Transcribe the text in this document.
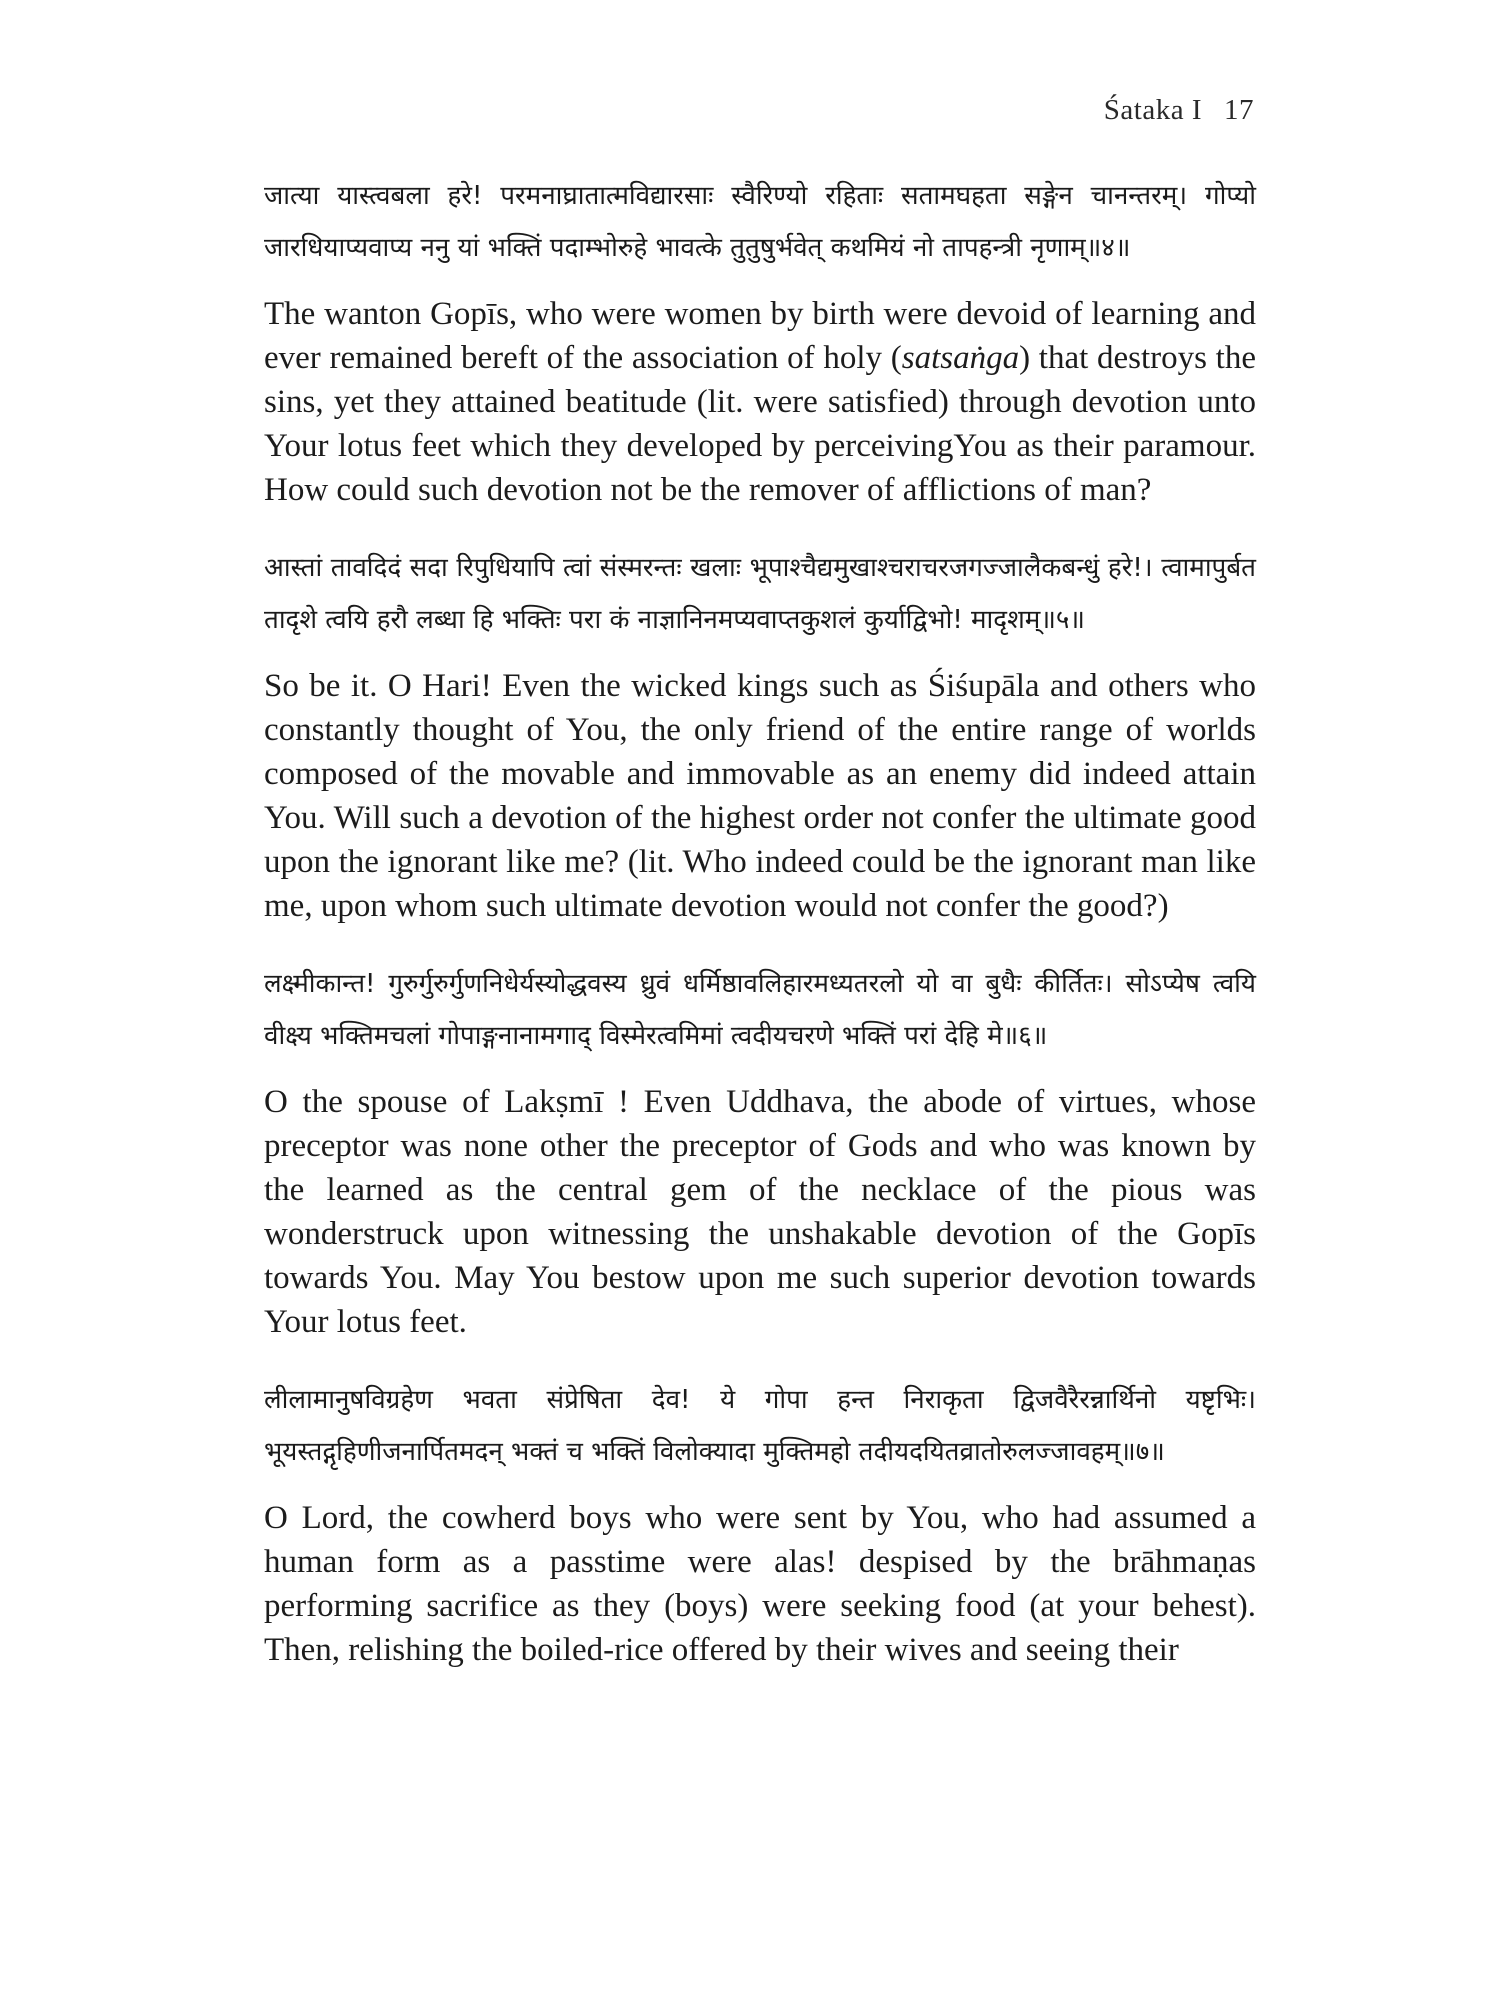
Śataka I 17

जात्या यास्त्वबला हरे! परमनाघ्रातात्मविद्यारसाः स्वैरिण्यो रहिताः सतामघहता सङ्गेन चानन्तरम्। गोप्यो जारधियाप्यवाप्य ननु यां भक्तिं पदाम्भोरुहे भावत्के तुतुषुर्भवेत् कथमियं नो तापहन्त्री नृणाम्॥४॥

The wanton Gopīs, who were women by birth were devoid of learning and ever remained bereft of the association of holy (satsaṅga) that destroys the sins, yet they attained beatitude (lit. were satisfied) through devotion unto Your lotus feet which they developed by perceivingYou as their paramour. How could such devotion not be the remover of afflictions of man?

आस्तां तावदिदं सदा रिपुधियापि त्वां संस्मरन्तः खलाः भूपाश्चैद्यमुखाश्चराचरजगज्जालैकबन्धुं हरे!। त्वामापुर्बत तादृशे त्वयि हरौ लब्धा हि भक्तिः परा कं नाज्ञानिनमप्यवाप्तकुशलं कुर्याद्विभो! मादृशम्॥५॥

So be it. O Hari! Even the wicked kings such as Śiśupāla and others who constantly thought of You, the only friend of the entire range of worlds composed of the movable and immovable as an enemy did indeed attain You. Will such a devotion of the highest order not confer the ultimate good upon the ignorant like me? (lit. Who indeed could be the ignorant man like me, upon whom such ultimate devotion would not confer the good?)

लक्ष्मीकान्त! गुरुर्गुरुर्गुणनिधेर्यस्योद्धवस्य ध्रुवं धर्मिष्ठावलिहारमध्यतरलो यो वा बुधैः कीर्तितः। सोऽप्येष त्वयि वीक्ष्य भक्तिमचलां गोपाङ्गनानामगाद् विस्मेरत्वमिमां त्वदीयचरणे भक्तिं परां देहि मे॥६॥

O the spouse of Lakṣmī ! Even Uddhava, the abode of virtues, whose preceptor was none other the preceptor of Gods and who was known by the learned as the central gem of the necklace of the pious was wonderstruck upon witnessing the unshakable devotion of the Gopīs towards You. May You bestow upon me such superior devotion towards Your lotus feet.

लीलामानुषविग्रहेण भवता संप्रेषिता देव! ये गोपा हन्त निराकृता द्विजवैरैरन्नार्थिनो यष्टृभिः। भूयस्तद्गृहिणीजनार्पितमदन् भक्तं च भक्तिं विलोक्यादा मुक्तिमहो तदीयदयितव्रातोरुलज्जावहम्॥७॥

O Lord, the cowherd boys who were sent by You, who had assumed a human form as a passtime were alas! despised by the brāhmaṇas performing sacrifice as they (boys) were seeking food (at your behest). Then, relishing the boiled-rice offered by their wives and seeing their
